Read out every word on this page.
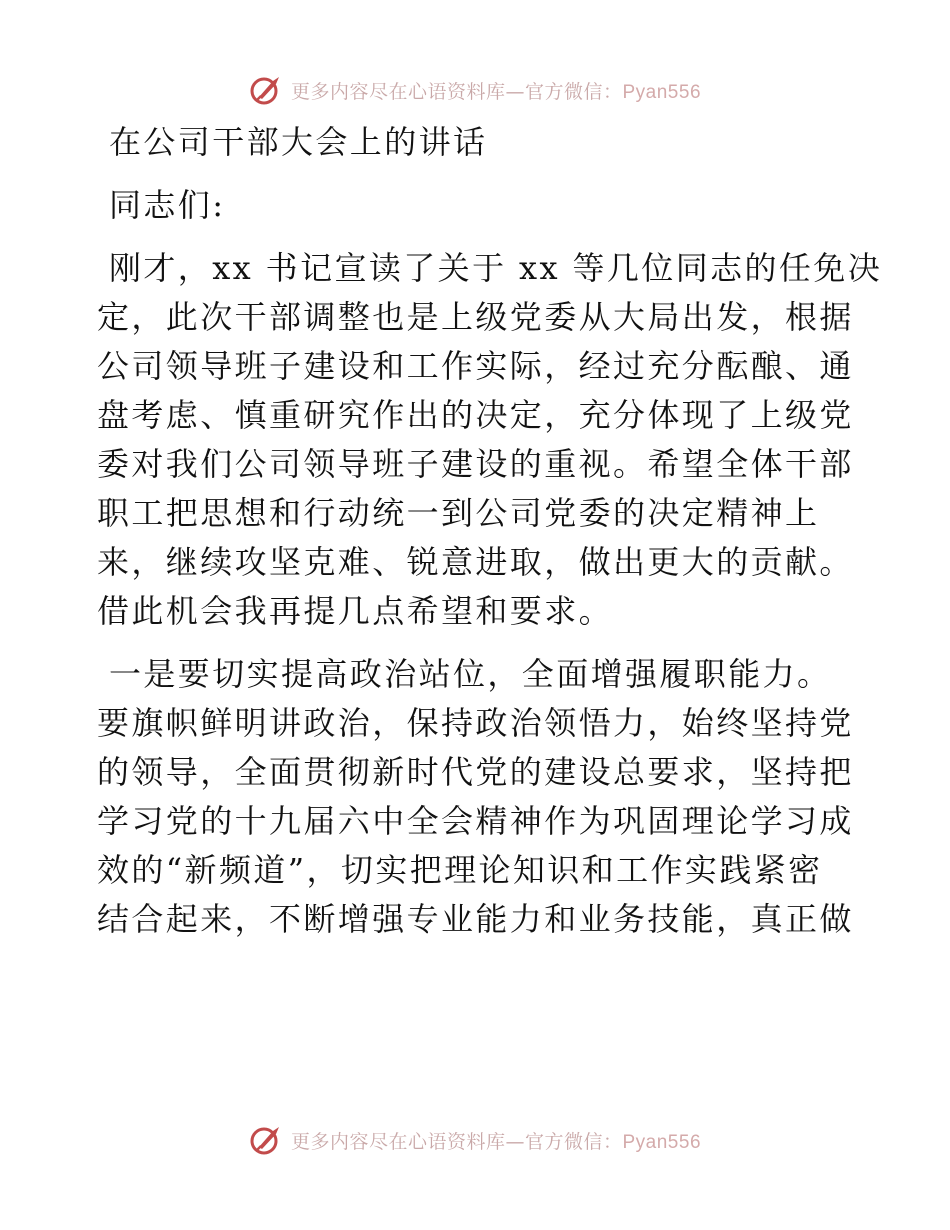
更多内容尽在心语资料库—官方微信：Pyan556
在公司干部大会上的讲话
同志们:
刚才，xx 书记宣读了关于 xx 等几位同志的任免决
定，此次干部调整也是上级党委从大局出发，根据
公司领导班子建设和工作实际，经过充分酝酿、通
盘考虑、慎重研究作出的决定，充分体现了上级党
委对我们公司领导班子建设的重视。希望全体干部
职工把思想和行动统一到公司党委的决定精神上
来，继续攻坚克难、锐意进取，做出更大的贡献。
借此机会我再提几点希望和要求。
一是要切实提高政治站位，全面增强履职能力。
要旗帜鲜明讲政治，保持政治领悟力，始终坚持党
的领导，全面贯彻新时代党的建设总要求，坚持把
学习党的十九届六中全会精神作为巩固理论学习成
效的“新频道”，切实把理论知识和工作实践紧密
结合起来，不断增强专业能力和业务技能，真正做
更多内容尽在心语资料库—官方微信：Pyan556
